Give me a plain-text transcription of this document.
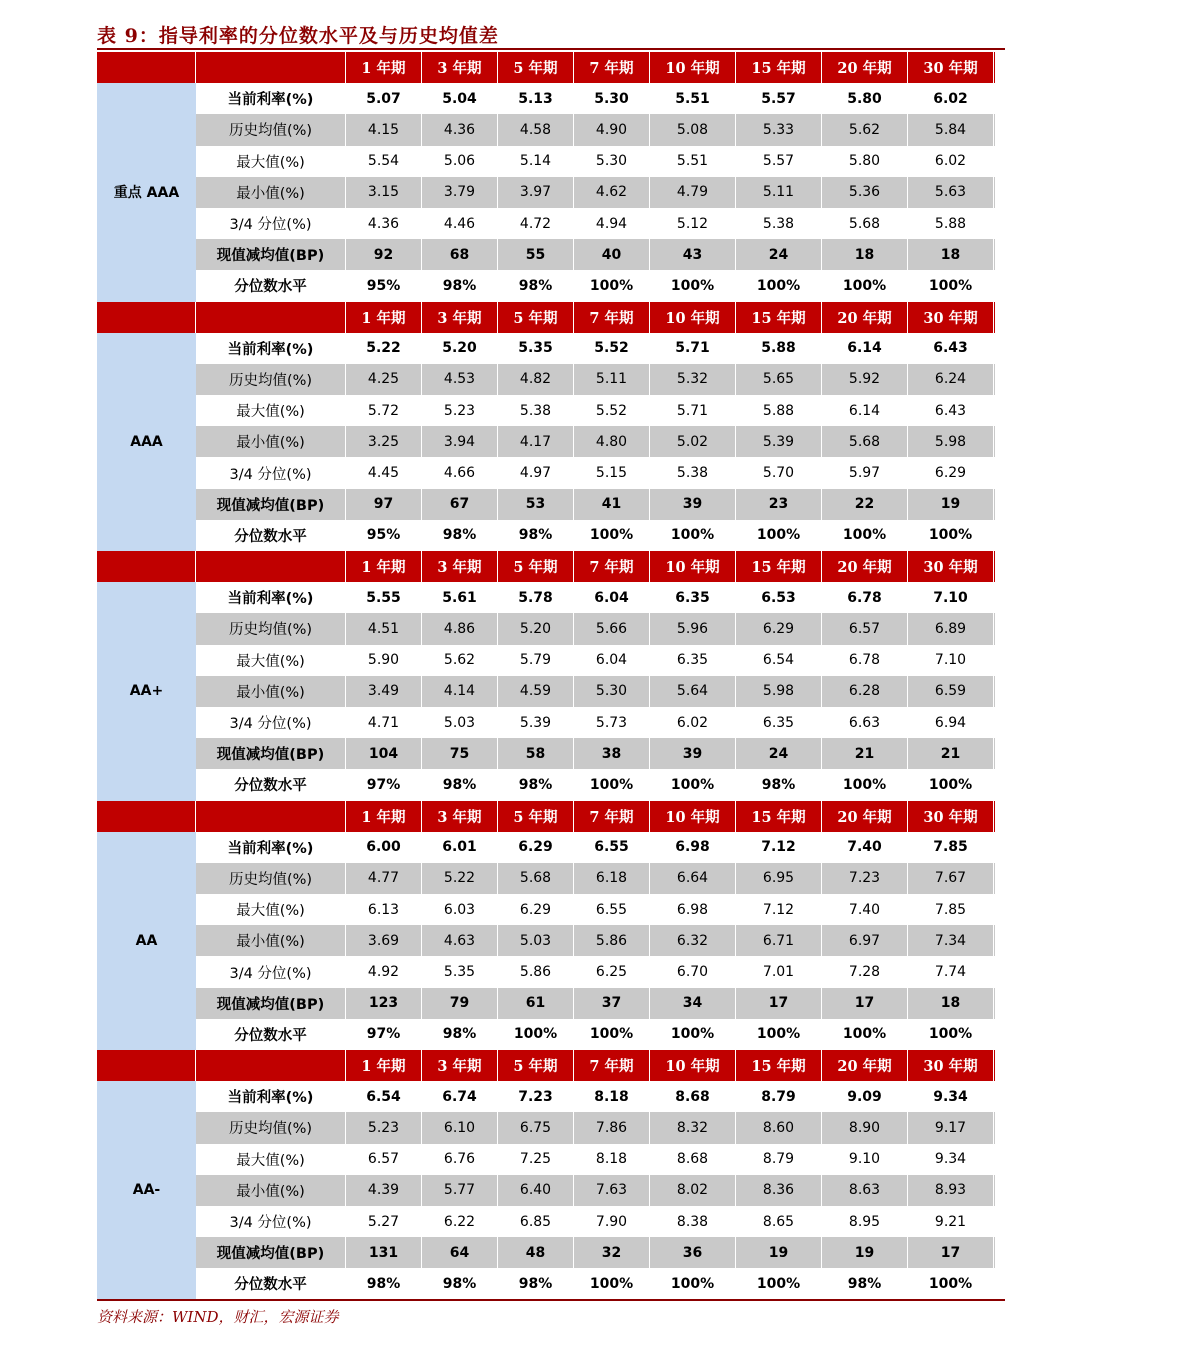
表 9：指导利率的分位数水平及与历史均值差
1 年期	3 年期	5 年期	7 年期	10 年期	15 年期	20 年期	30 年期
重点 AAA
当前利率(%)	5.07	5.04	5.13	5.30	5.51	5.57	5.80	6.02
历史均值(%)	4.15	4.36	4.58	4.90	5.08	5.33	5.62	5.84
最大值(%)	5.54	5.06	5.14	5.30	5.51	5.57	5.80	6.02
最小值(%)	3.15	3.79	3.97	4.62	4.79	5.11	5.36	5.63
3/4 分位(%)	4.36	4.46	4.72	4.94	5.12	5.38	5.68	5.88
现值减均值(BP)	92	68	55	40	43	24	18	18
分位数水平	95%	98%	98%	100%	100%	100%	100%	100%
1 年期	3 年期	5 年期	7 年期	10 年期	15 年期	20 年期	30 年期
AAA
当前利率(%)	5.22	5.20	5.35	5.52	5.71	5.88	6.14	6.43
历史均值(%)	4.25	4.53	4.82	5.11	5.32	5.65	5.92	6.24
最大值(%)	5.72	5.23	5.38	5.52	5.71	5.88	6.14	6.43
最小值(%)	3.25	3.94	4.17	4.80	5.02	5.39	5.68	5.98
3/4 分位(%)	4.45	4.66	4.97	5.15	5.38	5.70	5.97	6.29
现值减均值(BP)	97	67	53	41	39	23	22	19
分位数水平	95%	98%	98%	100%	100%	100%	100%	100%
1 年期	3 年期	5 年期	7 年期	10 年期	15 年期	20 年期	30 年期
AA+
当前利率(%)	5.55	5.61	5.78	6.04	6.35	6.53	6.78	7.10
历史均值(%)	4.51	4.86	5.20	5.66	5.96	6.29	6.57	6.89
最大值(%)	5.90	5.62	5.79	6.04	6.35	6.54	6.78	7.10
最小值(%)	3.49	4.14	4.59	5.30	5.64	5.98	6.28	6.59
3/4 分位(%)	4.71	5.03	5.39	5.73	6.02	6.35	6.63	6.94
现值减均值(BP)	104	75	58	38	39	24	21	21
分位数水平	97%	98%	98%	100%	100%	98%	100%	100%
1 年期	3 年期	5 年期	7 年期	10 年期	15 年期	20 年期	30 年期
AA
当前利率(%)	6.00	6.01	6.29	6.55	6.98	7.12	7.40	7.85
历史均值(%)	4.77	5.22	5.68	6.18	6.64	6.95	7.23	7.67
最大值(%)	6.13	6.03	6.29	6.55	6.98	7.12	7.40	7.85
最小值(%)	3.69	4.63	5.03	5.86	6.32	6.71	6.97	7.34
3/4 分位(%)	4.92	5.35	5.86	6.25	6.70	7.01	7.28	7.74
现值减均值(BP)	123	79	61	37	34	17	17	18
分位数水平	97%	98%	100%	100%	100%	100%	100%	100%
1 年期	3 年期	5 年期	7 年期	10 年期	15 年期	20 年期	30 年期
AA-
当前利率(%)	6.54	6.74	7.23	8.18	8.68	8.79	9.09	9.34
历史均值(%)	5.23	6.10	6.75	7.86	8.32	8.60	8.90	9.17
最大值(%)	6.57	6.76	7.25	8.18	8.68	8.79	9.10	9.34
最小值(%)	4.39	5.77	6.40	7.63	8.02	8.36	8.63	8.93
3/4 分位(%)	5.27	6.22	6.85	7.90	8.38	8.65	8.95	9.21
现值减均值(BP)	131	64	48	32	36	19	19	17
分位数水平	98%	98%	98%	100%	100%	100%	98%	100%
资料来源：WIND，财汇，宏源证券
